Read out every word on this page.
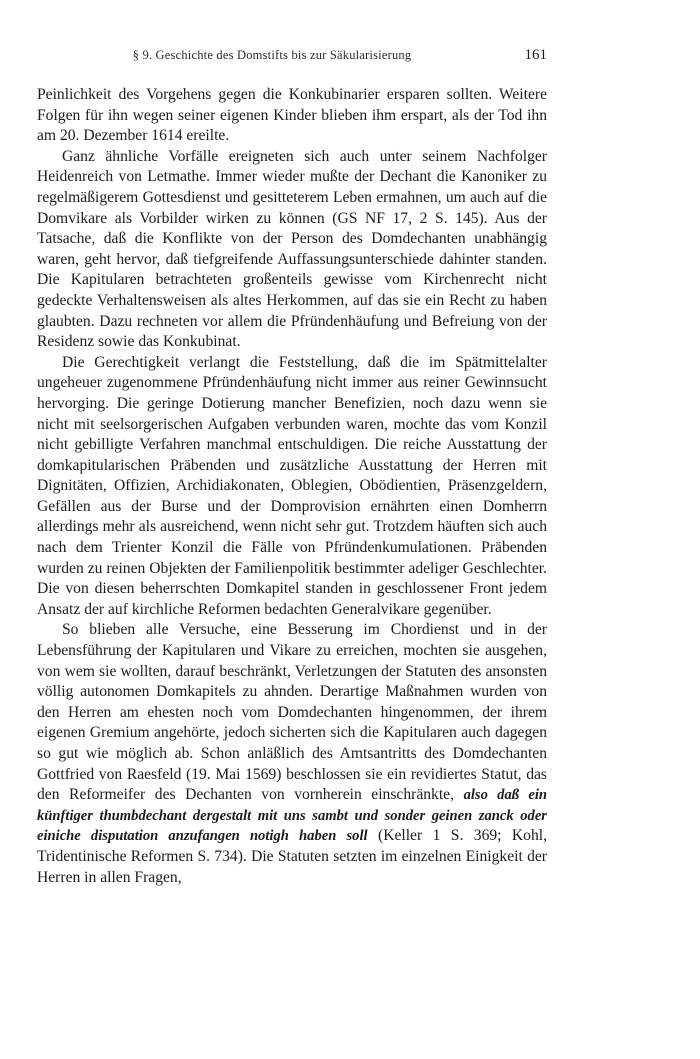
§ 9. Geschichte des Domstifts bis zur Säkularisierung	161

Peinlichkeit des Vorgehens gegen die Konkubinarier ersparen sollten. Weitere Folgen für ihn wegen seiner eigenen Kinder blieben ihm erspart, als der Tod ihn am 20. Dezember 1614 ereilte.

Ganz ähnliche Vorfälle ereigneten sich auch unter seinem Nachfolger Heidenreich von Letmathe. Immer wieder mußte der Dechant die Kanoniker zu regelmäßigerem Gottesdienst und gesitteterem Leben ermahnen, um auch auf die Domvikare als Vorbilder wirken zu können (GS NF 17, 2 S. 145). Aus der Tatsache, daß die Konflikte von der Person des Domdechanten unabhängig waren, geht hervor, daß tiefgreifende Auffassungsunterschiede dahinter standen. Die Kapitularen betrachteten großenteils gewisse vom Kirchenrecht nicht gedeckte Verhaltensweisen als altes Herkommen, auf das sie ein Recht zu haben glaubten. Dazu rechneten vor allem die Pfründenhäufung und Befreiung von der Residenz sowie das Konkubinat.

Die Gerechtigkeit verlangt die Feststellung, daß die im Spätmittelalter ungeheuer zugenommene Pfründenhäufung nicht immer aus reiner Gewinnsucht hervorging. Die geringe Dotierung mancher Benefizien, noch dazu wenn sie nicht mit seelsorgerischen Aufgaben verbunden waren, mochte das vom Konzil nicht gebilligte Verfahren manchmal entschuldigen. Die reiche Ausstattung der domkapitularischen Präbenden und zusätzliche Ausstattung der Herren mit Dignitäten, Offizien, Archidiakonaten, Oblegien, Obödientien, Präsenzgeldern, Gefällen aus der Burse und der Domprovision ernährten einen Domherrn allerdings mehr als ausreichend, wenn nicht sehr gut. Trotzdem häuften sich auch nach dem Trienter Konzil die Fälle von Pfründenkumulationen. Präbenden wurden zu reinen Objekten der Familienpolitik bestimmter adeliger Geschlechter. Die von diesen beherrschten Domkapitel standen in geschlossener Front jedem Ansatz der auf kirchliche Reformen bedachten Generalvikare gegenüber.

So blieben alle Versuche, eine Besserung im Chordienst und in der Lebensführung der Kapitularen und Vikare zu erreichen, mochten sie ausgehen, von wem sie wollten, darauf beschränkt, Verletzungen der Statuten des ansonsten völlig autonomen Domkapitels zu ahnden. Derartige Maßnahmen wurden von den Herren am ehesten noch vom Domdechanten hingenommen, der ihrem eigenen Gremium angehörte, jedoch sicherten sich die Kapitularen auch dagegen so gut wie möglich ab. Schon anläßlich des Amtsantritts des Domdechanten Gottfried von Raesfeld (19. Mai 1569) beschlossen sie ein revidiertes Statut, das den Reformeifer des Dechanten von vornherein einschränkte, also daß ein künftiger thumbdechant dergestalt mit uns sambt und sonder geinen zanck oder einiche disputation anzufangen notigh haben soll (Keller 1 S. 369; Kohl, Tridentinische Reformen S. 734). Die Statuten setzten im einzelnen Einigkeit der Herren in allen Fragen,
